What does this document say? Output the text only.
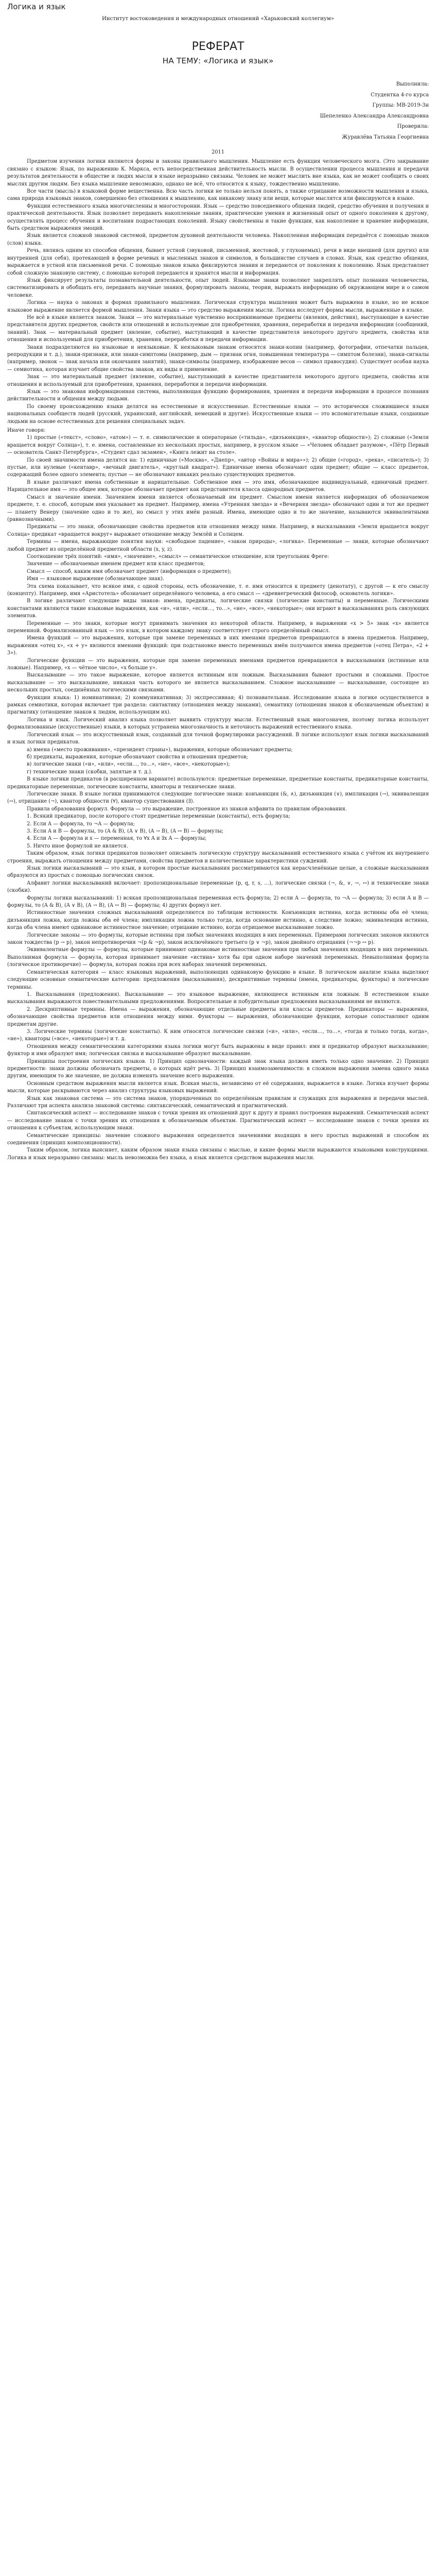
Логика и язык

Институт востоковедения и международных отношений «Харьковский коллегиум»

РЕФЕРАТ

НА ТЕМУ: «Логика и язык»

Выполнила:

Студентка 4-го курса

Группы: МВ-2019-3н

Шепеленко Александра Александровна

Проверила:

Журавлёва Татьяна Георгиевна

2011

Предметом изучения логики являются формы и законы правильного мышления. Мышление есть функция человеческого мозга. (Это закрывание связано с языком: Язык, по выражению К. Маркса, есть непосредственная действительность мысли. В осуществлении процесса мышления и передачи результатов деятельности в обществе и людях мысли в языке неразрывно связаны. Человек не может мыслить вне языка, как не может сообщить о своих мыслях другим людям. Без языка мышление невозможно, однако не всё, что относится к языку, тождественно мышлению.

Все части (мысль) в языковой форме вещественна. Всю часть логики не только нельзя понять, а также отрицание возможности мышления и языка, сама природа языковых знаков, совершенно без отношения к мышлению, как никакому знаку или вещи, которые мыслятся или фиксируются в языке.

Функции естественного языка многочисленны и многосторонни. Язык — средство повседневного общения людей, средство обучения и получения и практической деятельности. Язык позволяет передавать накопленные знания, практические умения и жизненный опыт от одного поколения к другому, осуществлять процесс обучения и воспитания подрастающих поколений. Языку свойственны и такие функции, как накопление и хранение информации, быть средством выражения эмоций.

Язык является сложной знаковой системой, предметом духовной деятельности человека. Накопленная информация передаётся с помощью знаков (слов) языка.

Речь, являясь одним из способов общения, бывает устной (звуковой, письменной, жестовой, у глухонемых), речи в виде внешней (для других) или внутренней (для себя), протекающей в форме речевых и мысленных знаков и символов, в большинстве случаев в словах. Язык, как средство общения, выражается в устной или письменной речи. С помощью знаков языка фиксируются знания и передаются от поколения к поколению. Язык представляет собой сложную знаковую систему, с помощью которой передаются и хранятся мысли и информация.

Язык фиксирует результаты познавательной деятельности, опыт людей. Языковые знаки позволяют закреплять опыт познания человечества, систематизировать и обобщать его, передавать научные знания, формулировать законы, теории, выражать информацию об окружающем мире и о самом человеке.

Логика — наука о законах и формах правильного мышления. Логическая структура мышления может быть выражена в языке, но не всякое языковое выражение является формой мышления. Знаки языка — это средство выражения мысли. Логика исследует формы мысли, выраженные в языке.

Не всё в языке является знаком. Знаки — это материальные чувственно воспринимаемые предметы (явления, действия), выступающие в качестве представителя других предметов, свойств или отношений и используемые для приобретения, хранения, переработки и передачи информации (сообщений, знаний). Знак — материальный предмет (явление, событие), выступающий в качестве представителя некоторого другого предмета, свойства или отношения и используемый для приобретения, хранения, переработки и передачи информации.

Знаки подразделяются на языковые и неязыковые. К неязыковым знакам относятся знаки-копии (например, фотографии, отпечатки пальцев, репродукции и т. д.), знаки-признаки, или знаки-симптомы (например, дым — признак огня, повышенная температура — симптом болезни), знаки-сигналы (например, звонок — знак начала или окончания занятий), знаки-символы (например, изображение весов — символ правосудия). Существует особая наука — семиотика, которая изучает общие свойства знаков, их виды и применение.

Знак — это материальный предмет (явление, событие), выступающий в качестве представителя некоторого другого предмета, свойства или отношения и используемый для приобретения, хранения, переработки и передачи информации.

Язык — это знаковая информационная система, выполняющая функцию формирования, хранения и передачи информации в процессе познания действительности и общения между людьми.

По своему происхождению языки делятся на естественные и искусственные. Естественные языки — это исторически сложившиеся языки национальных сообществ людей (русский, украинский, английский, немецкий и другие). Искусственные языки — это вспомогательные языки, созданные людьми на основе естественных для решения специальных задач.

Иначе говоря:

1) простые («текст», «слово», «атом») — т. е. символические и операторные («тильда», «дизъюнкция», «квантор общности»); 2) сложные («Земля вращается вокруг Солнца»), т. е. имена, составленные из нескольких простых, например, в русском языке — «Человек обладает разумом», «Пётр Первый — основатель Санкт-Петербурга», «Студент сдал экзамен», «Книга лежит на столе».

По своей значимости имена делятся на: 1) единичные («Москва», «Днепр», «автор «Войны и мира»»); 2) общие («город», «река», «писатель»); 3) пустые, или нулевые («кентавр», «вечный двигатель», «круглый квадрат»). Единичные имена обозначают один предмет; общие — класс предметов, содержащий более одного элемента; пустые — не обозначают никаких реально существующих предметов.

В языке различают имена собственные и нарицательные. Собственное имя — это имя, обозначающее индивидуальный, единичный предмет. Нарицательное имя — это общее имя, которое обозначает предмет как представителя класса однородных предметов.

Смысл и значение имени. Значением имени является обозначаемый им предмет. Смыслом имени является информация об обозначаемом предмете, т. е. способ, которым имя указывает на предмет. Например, имена «Утренняя звезда» и «Вечерняя звезда» обозначают один и тот же предмет — планету Венеру (значение одно и то же), но смысл у этих имён разный. Имена, имеющие одно и то же значение, называются эквивалентными (равнозначными).

Предикаты — это знаки, обозначающие свойства предметов или отношения между ними. Например, в высказывании «Земля вращается вокруг Солнца» предикат «вращается вокруг» выражает отношение между Землёй и Солнцем.

Термины — имена, выражающие понятия науки: «свободное падение», «закон природы», «логика». Переменные — знаки, которые обозначают любой предмет из определённой предметной области (x, y, z).

Соотношение трёх понятий: «имя», «значение», «смысл» — семантическое отношение, или треугольник Фреге:

Значение — обозначаемые именем предмет или класс предметов;

Смысл — способ, каким имя обозначает предмет (информация о предмете);

Имя — языковое выражение (обозначающее знак).

Эта схема показывает, что всякое имя, с одной стороны, есть обозначение, т. е. имя относится к предмету (денотату), с другой — к его смыслу (концепту). Например, имя «Аристотель» обозначает определённого человека, а его смысл — «древнегреческий философ, основатель логики».

В логике различают следующие виды знаков: имена, предикаты, логические связки (логические константы) и переменные. Логическими константами являются такие языковые выражения, как «и», «или», «если…, то…», «не», «все», «некоторые»; они играют в высказываниях роль связующих элементов.

Переменные — это знаки, которые могут принимать значения из некоторой области. Например, в выражении «x > 5» знак «x» является переменной. Формализованный язык — это язык, в котором каждому знаку соответствует строго определённый смысл.

Имена функций — это выражения, которые при замене переменных в них именами предметов превращаются в имена предметов. Например, выражения «отец x», «x + y» являются именами функций: при подстановке вместо переменных имён получаются имена предметов («отец Петра», «2 + 3»).

Логические функции — это выражения, которые при замене переменных именами предметов превращаются в высказывания (истинные или ложные). Например, «x — чётное число», «x больше y».

Высказывание — это такое выражение, которое является истинным или ложным. Высказывания бывают простыми и сложными. Простое высказывание — это высказывание, никакая часть которого не является высказыванием. Сложное высказывание — высказывание, состоящее из нескольких простых, соединённых логическими связками.

Функции языка: 1) номинативная; 2) коммуникативная; 3) экспрессивная; 4) познавательная. Исследование языка в логике осуществляется в рамках семиотики, которая включает три раздела: синтактику (отношения между знаками), семантику (отношения знаков к обозначаемым объектам) и прагматику (отношение знаков к людям, использующим их).

Логика и язык. Логический анализ языка позволяет выявить структуру мысли. Естественный язык многозначен, поэтому логика использует формализованные (искусственные) языки, в которых устранена многозначность и неточность выражений естественного языка.

Логический язык — это искусственный язык, созданный для точной формулировки рассуждений. В логике используют язык логики высказываний и язык логики предикатов.

а) имена («место проживания», «президент страны»), выражения, которые обозначают предметы;

б) предикаты, выражения, которые обозначают свойства и отношения предметов;

в) логические знаки («и», «или», «если…, то…», «не», «все», «некоторые»);

г) технические знаки (скобки, запятые и т. д.).

В языке логики предикатов (в расширенном варианте) используются: предметные переменные, предметные константы, предикаторные константы, предикаторные переменные, логические константы, кванторы и технические знаки.

Логические знаки. В языке логики принимаются следующие логические знаки: конъюнкция (&, ∧), дизъюнкция (∨), импликация (→), эквиваленция (↔), отрицание (¬), квантор общности (∀), квантор существования (∃).

Правила образования формул. Формула — это выражение, построенное из знаков алфавита по правилам образования.

1. Всякий предикатор, после которого стоят предметные переменные (константы), есть формула;

2. Если A — формула, то ¬A — формула;

3. Если A и B — формулы, то (A & B), (A ∨ B), (A → B), (A ↔ B) — формулы;

4. Если A — формула и x — переменная, то ∀x A и ∃x A — формулы;

5. Ничто иное формулой не является.

Таким образом, язык логики предикатов позволяет описывать логическую структуру высказываний естественного языка с учётом их внутреннего строения, выражать отношения между предметами, свойства предметов и количественные характеристики суждений.

Язык логики высказываний — это язык, в котором простые высказывания рассматриваются как нерасчленённые целые, а сложные высказывания образуются из простых с помощью логических связок.

Алфавит логики высказываний включает: пропозициональные переменные (p, q, r, s, …), логические связки (¬, &, ∨, →, ↔) и технические знаки (скобки).

Формулы логики высказываний: 1) всякая пропозициональная переменная есть формула; 2) если A — формула, то ¬A — формула; 3) если A и B — формулы, то (A & B), (A ∨ B), (A → B), (A ↔ B) — формулы; 4) других формул нет.

Истинностные значения сложных высказываний определяются по таблицам истинности. Конъюнкция истинна, когда истинны оба её члена; дизъюнкция ложна, когда ложны оба её члена; импликация ложна только тогда, когда основание истинно, а следствие ложно; эквиваленция истинна, когда оба члена имеют одинаковое истинностное значение; отрицание истинно, когда отрицаемое высказывание ложно.

Логические законы — это формулы, которые истинны при любых значениях входящих в них переменных. Примерами логических законов являются закон тождества (p → p), закон непротиворечия ¬(p & ¬p), закон исключённого третьего (p ∨ ¬p), закон двойного отрицания (¬¬p ↔ p).

Эквивалентные формулы — формулы, которые принимают одинаковые истинностные значения при любых значениях входящих в них переменных. Выполнимая формула — формула, которая принимает значение «истина» хотя бы при одном наборе значений переменных. Невыполнимая формула (логическое противоречие) — формула, которая ложна при всех наборах значений переменных.

Семантическая категория — класс языковых выражений, выполняющих одинаковую функцию в языке. В логическом анализе языка выделяют следующие основные семантические категории: предложения (высказывания), дескриптивные термины (имена, предикаторы, функторы) и логические термины.

1. Высказывания (предложения). Высказывание — это языковое выражение, являющееся истинным или ложным. В естественном языке высказывания выражаются повествовательными предложениями. Вопросительные и побудительные предложения высказываниями не являются.

2. Дескриптивные термины. Имена — выражения, обозначающие отдельные предметы или классы предметов. Предикаторы — выражения, обозначающие свойства предметов или отношения между ними. Функторы — выражения, обозначающие функции, которые сопоставляют одним предметам другие.

3. Логические термины (логические константы). К ним относятся логические связки («и», «или», «если…, то…», «тогда и только тогда, когда», «не»), кванторы («все», «некоторые») и т. д.

Отношения между семантическими категориями языка логики могут быть выражены в виде правил: имя и предикатор образуют высказывание; функтор и имя образуют имя; логическая связка и высказывание образуют высказывание.

Принципы построения логических языков. 1) Принцип однозначности: каждый знак языка должен иметь только одно значение. 2) Принцип предметности: знаки должны обозначать предметы, о которых идёт речь. 3) Принцип взаимозаменимости: в сложном выражении замена одного знака другим, имеющим то же значение, не должна изменять значение всего выражения.

Основным средством выражения мысли является язык. Всякая мысль, независимо от её содержания, выражается в языке. Логика изучает формы мысли, которые раскрываются через анализ структуры языковых выражений.

Язык как знаковая система — это система знаков, упорядоченных по определённым правилам и служащих для выражения и передачи мыслей. Различают три аспекта анализа знаковой системы: синтаксический, семантический и прагматический.

Синтаксический аспект — исследование знаков с точки зрения их отношений друг к другу и правил построения выражений. Семантический аспект — исследование знаков с точки зрения их отношения к обозначаемым объектам. Прагматический аспект — исследование знаков с точки зрения их отношения к субъектам, использующим знаки.

Семантические принципы: значение сложного выражения определяется значениями входящих в него простых выражений и способом их соединения (принцип композиционности).

Таким образом, логика выясняет, каким образом знаки языка связаны с мыслью, и какие формы мысли выражаются языковыми конструкциями. Логика и язык неразрывно связаны: мысль невозможна без языка, а язык является средством выражения мысли.
